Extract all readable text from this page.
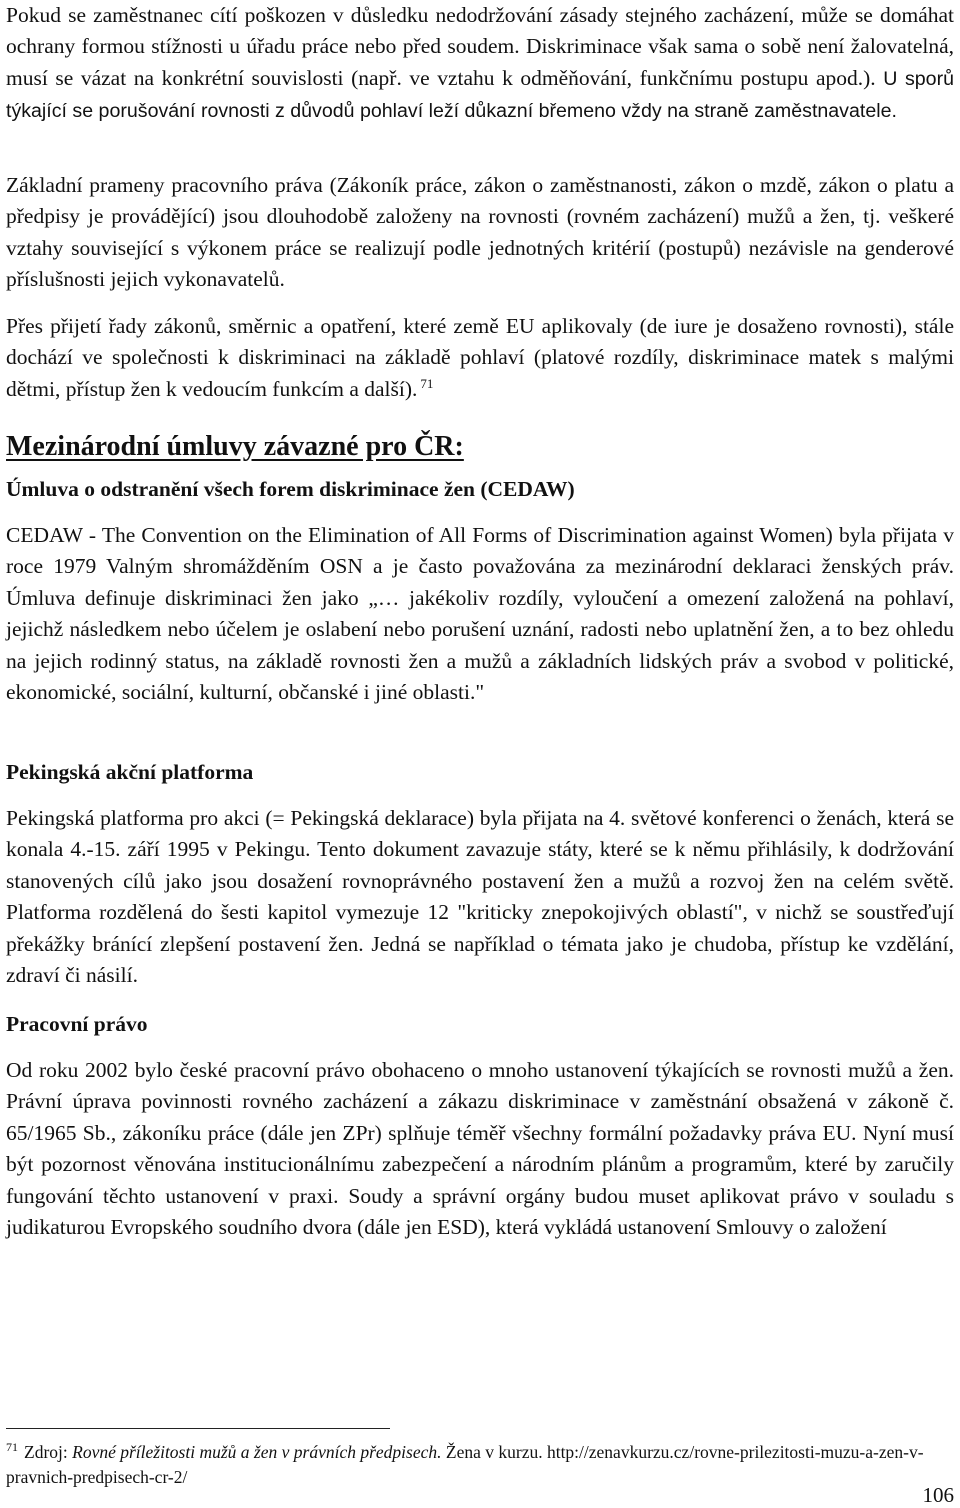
Pokud se zaměstnanec cítí poškozen v důsledku nedodržování zásady stejného zacházení, může se domáhat ochrany formou stížnosti u úřadu práce nebo před soudem. Diskriminace však sama o sobě není žalovatelná, musí se vázat na konkrétní souvislosti (např. ve vztahu k odměňování, funkčnímu postupu apod.). U sporů týkající se porušování rovnosti z důvodů pohlaví leží důkazní břemeno vždy na straně zaměstnavatele.

Základní prameny pracovního práva (Zákoník práce, zákon o zaměstnanosti, zákon o mzdě, zákon o platu a předpisy je provádějící) jsou dlouhodobě založeny na rovnosti (rovném zacházení) mužů a žen, tj. veškeré vztahy související s výkonem práce se realizují podle jednotných kritérií (postupů) nezávisle na genderové příslušnosti jejich vykonavatelů.

Přes přijetí řady zákonů, směrnic a opatření, které země EU aplikovaly (de iure je dosaženo rovnosti), stále dochází ve společnosti k diskriminaci na základě pohlaví (platové rozdíly, diskriminace matek s malými dětmi, přístup žen k vedoucím funkcím a další). $^{71}$

Mezinárodní úmluvy závazné pro ČR:
Úmluva o odstranění všech forem diskriminace žen (CEDAW)

CEDAW - The Convention on the Elimination of All Forms of Discrimination against Women) byla přijata v roce 1979 Valným shromážděním OSN a je často považována za mezinárodní deklaraci ženských práv. Úmluva definuje diskriminaci žen jako „… jakékoliv rozdíly, vyloučení a omezení založená na pohlaví, jejichž následkem nebo účelem je oslabení nebo porušení uznání, radosti nebo uplatnění žen, a to bez ohledu na jejich rodinný status, na základě rovnosti žen a mužů a základních lidských práv a svobod v politické, ekonomické, sociální, kulturní, občanské i jiné oblasti."

Pekingská akční platforma

Pekingská platforma pro akci (= Pekingská deklarace) byla přijata na 4. světové konferenci o ženách, která se konala 4.-15. září 1995 v Pekingu. Tento dokument zavazuje státy, které se k němu přihlásily, k dodržování stanovených cílů jako jsou dosažení rovnoprávného postavení žen a mužů a rozvoj žen na celém světě. Platforma rozdělená do šesti kapitol vymezuje 12 "kriticky znepokojivých oblastí", v nichž se soustřeďují překážky bránící zlepšení postavení žen. Jedná se například o témata jako je chudoba, přístup ke vzdělání, zdraví či násilí.

Pracovní právo

Od roku 2002 bylo české pracovní právo obohaceno o mnoho ustanovení týkajících se rovnosti mužů a žen. Právní úprava povinnosti rovného zacházení a zákazu diskriminace v zaměstnání obsažená v zákoně č. 65/1965 Sb., zákoníku práce (dále jen ZPr) splňuje téměř všechny formální požadavky práva EU. Nyní musí být pozornost věnována institucionálnímu zabezpečení a národním plánům a programům, které by zaručily fungování těchto ustanovení v praxi. Soudy a správní orgány budou muset aplikovat právo v souladu s judikaturou Evropského soudního dvora (dále jen ESD), která vykládá ustanovení Smlouvy o založení

$^{71}$ Zdroj: Rovné příležitosti mužů a žen v právních předpisech. Žena v kurzu. http://zenavkurzu.cz/rovne-prilezitosti-muzu-a-zen-v-pravnich-predpisech-cr-2/

106
